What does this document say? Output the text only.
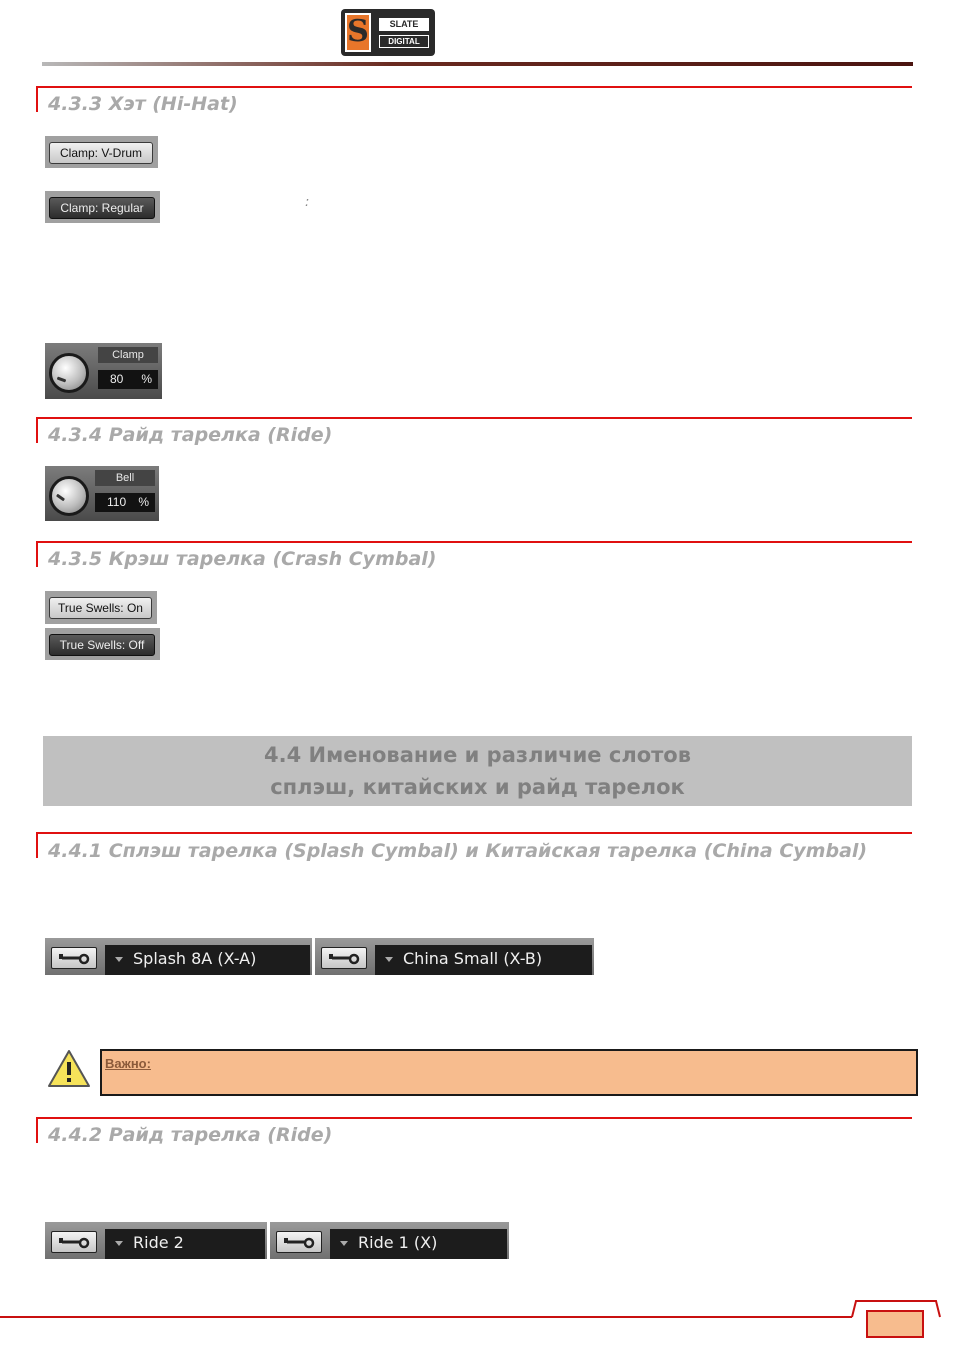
S	SLATE
DIGITAL
4.3.3 Хэт (Hi-Hat)
Clamp: V-Drum
Clamp: Regular	:
Clamp
80 %
4.3.4 Райд тарелка (Ride)
Bell
110 %
4.3.5 Крэш тарелка (Crash Cymbal)
True Swells: On
True Swells: Off
4.4 Именование и различие слотов
сплэш, китайских и райд тарелок
4.4.1 Сплэш тарелка (Splash Cymbal) и Китайская тарелка (China Cymbal)
Splash 8A (X-A)	China Small (X-B)
Важно:
4.4.2 Райд тарелка (Ride)
Ride 2	Ride 1 (X)
